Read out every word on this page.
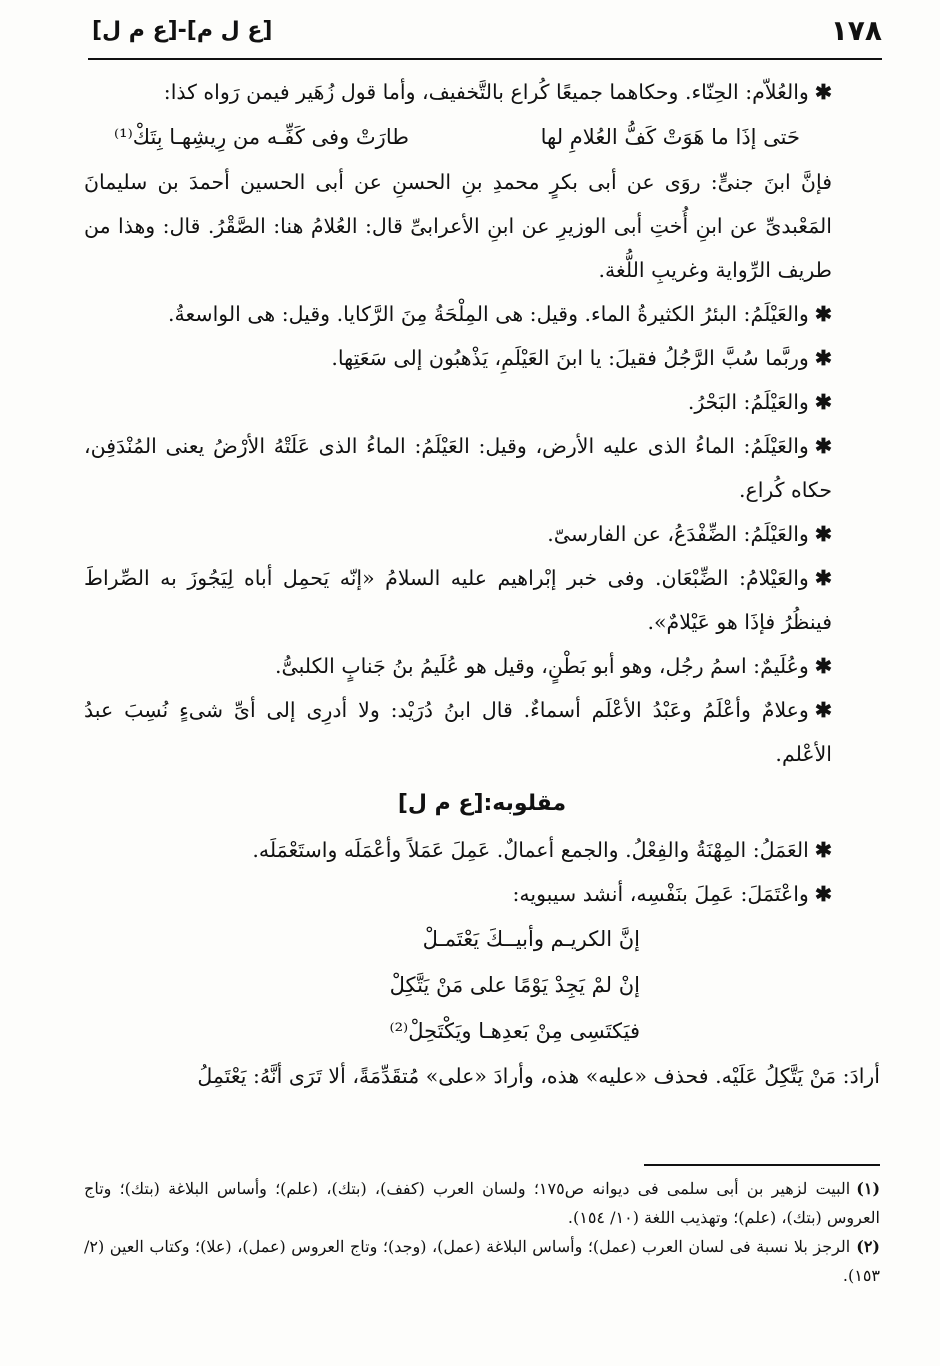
[ع ل م]-[ع م ل]	١٧٨

✱والعُلاّم: الحِنّاء. وحكاهما جميعًا كُراع بالتَّخفيف، وأما قول زُهَير فيمن رَواه كذا:

حَتى إذَا ما هَوَتْ كَفُّ العُلامِ لها
طارَتْ وفى كَفِّـه من رِيشِهـا بِتَكْ⁽¹⁾

فإنَّ ابنَ جنىٍّ: روَى عن أبى بكرٍ محمدِ بنِ الحسنِ عن أبى الحسين أحمدَ بن سليمانَ المَعْبدىِّ عن ابنِ أُختِ أبى الوزيرِ عن ابنِ الأعرابىِّ قال: العُلامُ هنا: الصَّقْرُ. قال: وهذا من طريف الرِّواية وغريبِ اللُّغة.

✱والعَيْلَمُ: البئرُ الكثيرةُ الماء. وقيل: هى المِلْحَةُ مِنَ الرَّكايا. وقيل: هى الواسعةُ.

✱وربَّما سُبَّ الرَّجُلُ فقيلَ: يا ابنَ العَيْلَمِ، يَذْهبُون إلى سَعَتِها.

✱والعَيْلَمُ: البَحْرُ.

✱والعَيْلَمُ: الماءُ الذى عليه الأرض، وقيل: العَيْلَمُ: الماءُ الذى عَلَتْهُ الأرْضُ يعنى المُنْدَفِن، حكاه كُراع.

✱والعَيْلَمُ: الضِّفْدَعُ، عن الفارسىّ.

✱والعَيْلامُ: الضِّبْعَان. وفى خبر إبْراهيم عليه السلامُ «إنّه يَحمِل أباه لِيَجُوزَ به الصِّراطَ فينظُرُ فإذَا هو عَيْلامٌ».

✱وعُلَيمٌ: اسمُ رجُل، وهو أبو بَطْنٍ، وقيل هو عُلَيمُ بنُ جَنابٍ الكلبىُّ.

✱وعلامٌ وأعْلَمُ وعَبْدُ الأعْلَم أسماءٌ. قال ابنُ دُرَيْد: ولا أدرِى إلى أىِّ شىءٍ نُسِبَ عبدُ الأعْلم.

مقلوبه:[ع م ل]

✱العَمَلُ: المِهْنَةُ والفِعْلُ. والجمع أعمالٌ. عَمِلَ عَمَلاً وأعْمَلَه واستَعْمَلَه.

✱واعْتَمَلَ: عَمِلَ بنَفْسِه، أنشد سيبويه:

إنَّ الكريـم وأبيــكَ يَعْتَمـلْ

إنْ لمْ يَجِدْ يَوْمًا على مَنْ يَتَّكِلْ

فيَكتَسِى مِنْ بَعدِهـا ويَكْتَحِلْ⁽²⁾

أرادَ: مَنْ يَتَّكِلُ عَلَيْه. فحذف «عليه» هذه، وأرادَ «على» مُتقَدِّمَةً، ألا تَرَى أنَّهُ: يَعْتَمِلُ

(١)البيت لزهير بن أبى سلمى فى ديوانه ص١٧٥؛ ولسان العرب (كفف)، (بتك)، (علم)؛ وأساس البلاغة (بتك)؛ وتاج العروس (بتك)، (علم)؛ وتهذيب اللغة (١٠/ ١٥٤).

(٢)الرجز بلا نسبة فى لسان العرب (عمل)؛ وأساس البلاغة (عمل)، (وجد)؛ وتاج العروس (عمل)، (علا)؛ وكتاب العين (٢/ ١٥٣).
